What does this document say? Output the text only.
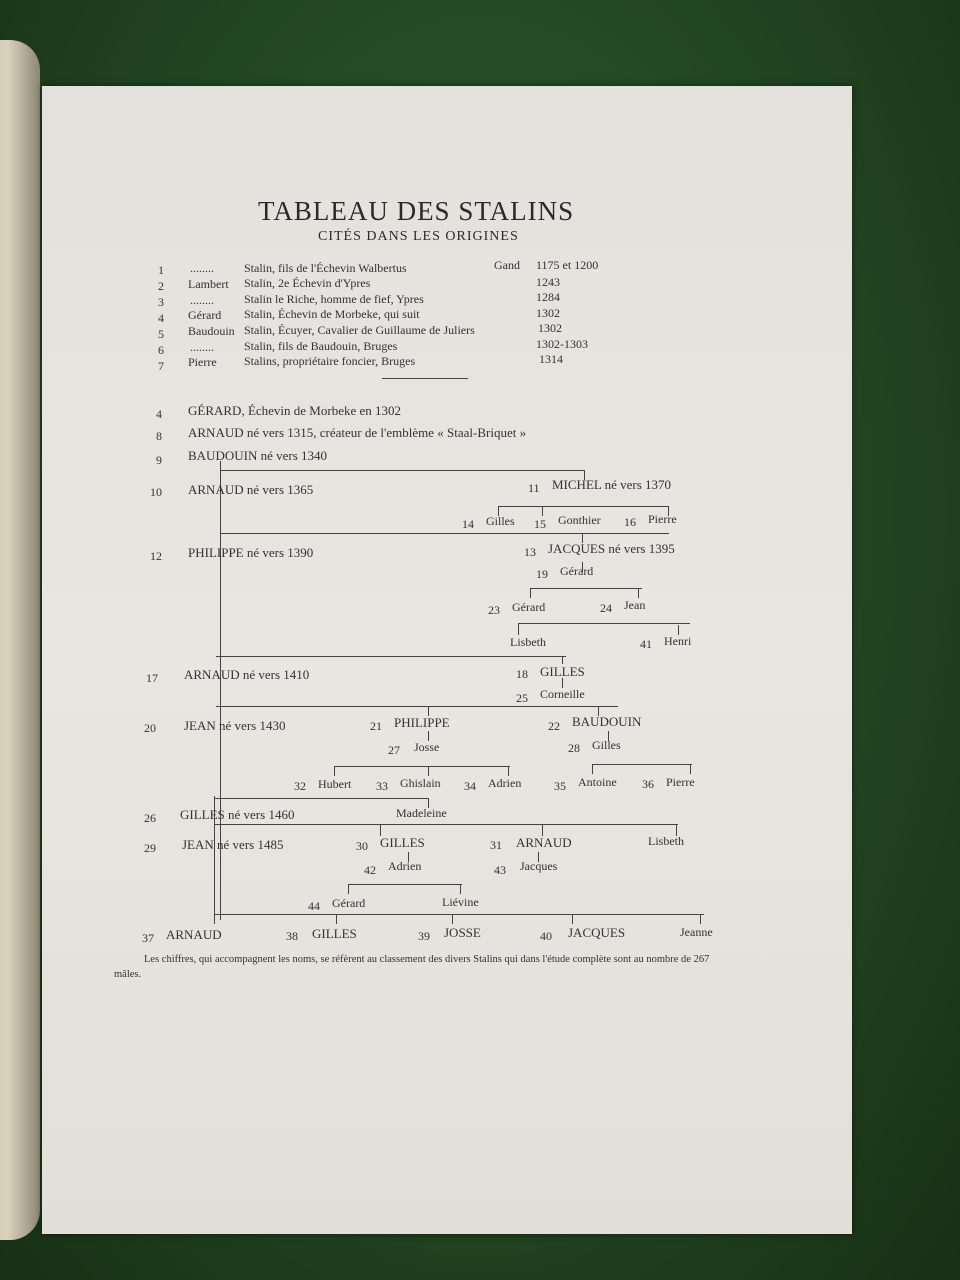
TABLEAU DES STALINS
CITÉS DANS LES ORIGINES
1 ........	Stalin, fils de l'Échevin Walbertus	Gand 1175 et 1200
2 Lambert Stalin, 2e Échevin d'Ypres	1243
3 ........	Stalin le Riche, homme de fief, Ypres	1284
4 Gérard Stalin, Échevin de Morbeke, qui suit	1302
5 Baudouin Stalin, Écuyer, Cavalier de Guillaume de Juliers	1302
6 ........	Stalin, fils de Baudouin, Bruges	1302-1303
7 Pierre Stalins, propriétaire foncier, Bruges	1314
4 GÉRARD, Échevin de Morbeke en 1302
8 ARNAUD né vers 1315, créateur de l'emblème « Staal-Briquet »
9 BAUDOUIN né vers 1340
10 ARNAUD né vers 1365	11 MICHEL né vers 1370
14 Gilles 15 Gonthier 16 Pierre
12 PHILIPPE né vers 1390	13 JACQUES né vers 1395
19 Gérard
23 Gérard	24 Jean
Lisbeth	41 Henri
17 ARNAUD né vers 1410	18 GILLES
25 Corneille
20 JEAN né vers 1430	21 PHILIPPE	22 BAUDOUIN
27 Josse	28 Gilles
32 Hubert 33 Ghislain 34 Adrien	35 Antoine 36 Pierre
26 GILLES né vers 1460	Madeleine
29 JEAN né vers 1485	30 GILLES	31 ARNAUD	Lisbeth
42 Adrien	43 Jacques
44 Gérard	Liévine
37 ARNAUD	38 GILLES	39 JOSSE	40 JACQUES	Jeanne
Les chiffres, qui accompagnent les noms, se réfèrent au classement des divers Stalins qui dans l'étude complète sont au nombre de 267 mâles.
